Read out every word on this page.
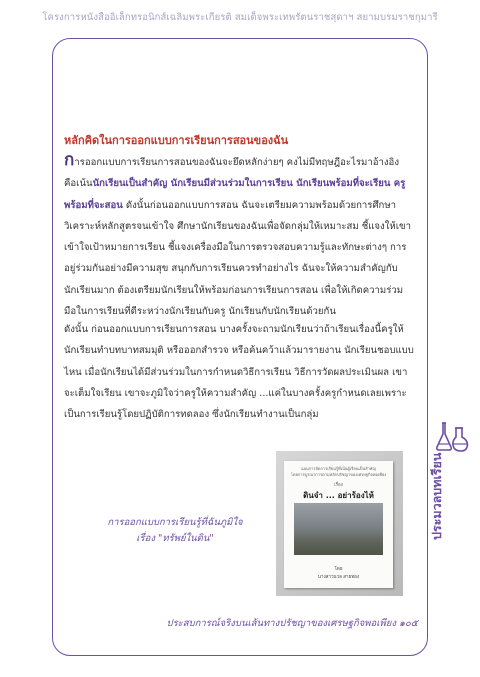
โครงการหนังสืออิเล็กทรอนิกส์เฉลิมพระเกียรติ สมเด็จพระเทพรัตนราชสุดาฯ สยามบรมราชกุมารี
ประมวลบทเรียน
หลักคิดในการออกแบบการเรียนการสอนของฉัน
การออกแบบการเรียนการสอนของฉันจะยึดหลักง่ายๆ คงไม่มีทฤษฎีอะไรมาอ้างอิง คือเน้นนักเรียนเป็นสำคัญ นักเรียนมีส่วนร่วมในการเรียน นักเรียนพร้อมที่จะเรียน ครูพร้อมที่จะสอน ดังนั้นก่อนออกแบบการสอน ฉันจะเตรียมความพร้อมด้วยการศึกษาวิเคราะห์หลักสูตรจนเข้าใจ ศึกษานักเรียนของฉันเพื่อจัดกลุ่มให้เหมาะสม ชี้แจงให้เขาเข้าใจเป้าหมายการเรียน ชี้แจงเครื่องมือในการตรวจสอบความรู้และทักษะต่างๆ การอยู่ร่วมกันอย่างมีความสุข สนุกกับการเรียนควรทำอย่างไร ฉันจะให้ความสำคัญกับนักเรียนมาก ต้องเตรียมนักเรียนให้พร้อมก่อนการเรียนการสอน เพื่อให้เกิดความร่วมมือในการเรียนที่ดีระหว่างนักเรียนกับครู นักเรียนกับนักเรียนด้วยกัน
ดังนั้น ก่อนออกแบบการเรียนการสอน บางครั้งจะถามนักเรียนว่าถ้าเรียนเรื่องนี้ครูให้นักเรียนทำบทบาทสมมุติ หรือออกสำรวจ หรือค้นคว้าแล้วมารายงาน นักเรียนชอบแบบไหน เมื่อนักเรียนได้มีส่วนร่วมในการกำหนดวิธีการเรียน วิธีการวัดผลประเมินผล เขาจะเต็มใจเรียน เขาจะภูมิใจว่าครูให้ความสำคัญ ...แค่ในบางครั้งครูกำหนดเลยเพราะเป็นการเรียนรู้โดยปฏิบัติการทดลอง ซึ่งนักเรียนทำงานเป็นกลุ่ม
การออกแบบการเรียนรู้ที่ฉันภูมิใจ
เรื่อง "ทรัพย์ในดิน"
แผนการจัดการเรียนรู้ที่เน้นผู้เรียนเป็นสำคัญ
โดยการบูรณาการตามหลักปรัชญาของเศรษฐกิจพอเพียง
เรื่อง
ดินจ๋า ... อย่าร้องไห้
โดย
นางสาวนวล สายทอง
ประสบการณ์จริงบนเส้นทางปรัชญาของเศรษฐกิจพอเพียง ๑๐๕
